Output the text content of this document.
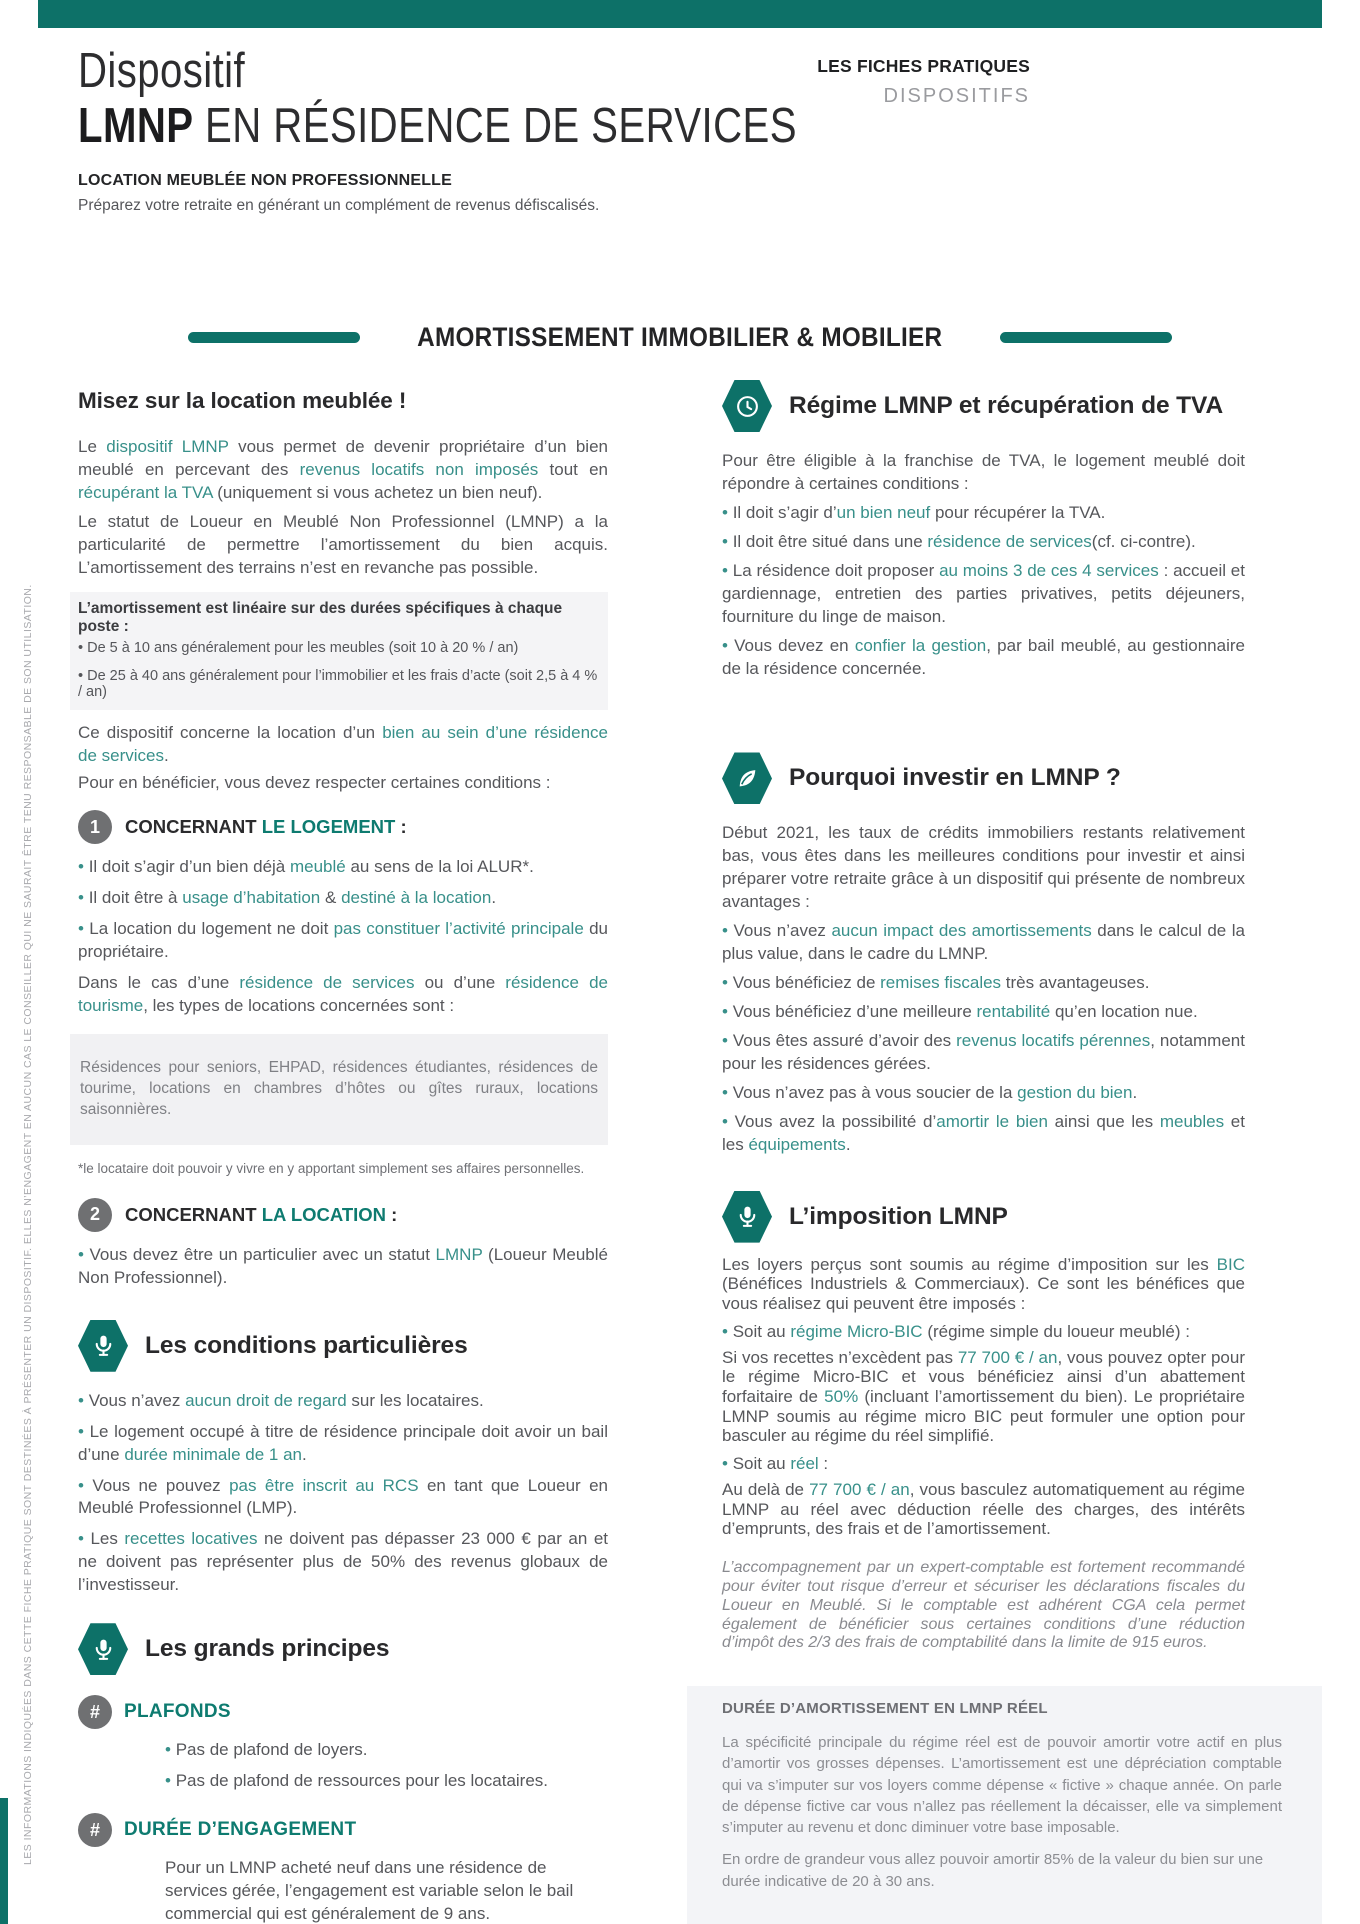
Dispositif
LMNP EN RÉSIDENCE DE SERVICES
LOCATION MEUBLÉE NON PROFESSIONNELLE
Préparez votre retraite en générant un complément de revenus défiscalisés.
LES FICHES PRATIQUES
DISPOSITIFS
AMORTISSEMENT IMMOBILIER & MOBILIER
Misez sur la location meublée !
Le dispositif LMNP vous permet de devenir propriétaire d’un bien meublé en percevant des revenus locatifs non imposés tout en récupérant la TVA (uniquement si vous achetez un bien neuf).
Le statut de Loueur en Meublé Non Professionnel (LMNP) a la particularité de permettre l’amortissement du bien acquis. L’amortissement des terrains n’est en revanche pas possible.
L’amortissement est linéaire sur des durées spécifiques à chaque poste :
• De 5 à 10 ans généralement pour les meubles (soit 10 à 20 % / an)
• De 25 à 40 ans généralement pour l’immobilier et les frais d’acte (soit 2,5 à 4 % / an)
Ce dispositif concerne la location d’un bien au sein d’une résidence de services.
Pour en bénéficier, vous devez respecter certaines conditions :
1	CONCERNANT LE LOGEMENT :
• Il doit s’agir d’un bien déjà meublé au sens de la loi ALUR*.
• Il doit être à usage d’habitation & destiné à la location.
• La location du logement ne doit pas constituer l’activité principale du propriétaire.
Dans le cas d’une résidence de services ou d’une résidence de tourisme, les types de locations concernées sont :
Résidences pour seniors, EHPAD, résidences étudiantes, résidences de tourime, locations en chambres d’hôtes ou gîtes ruraux, locations saisonnières.
*le locataire doit pouvoir y vivre en y apportant simplement ses affaires personnelles.
2	CONCERNANT LA LOCATION :
• Vous devez être un particulier avec un statut LMNP (Loueur Meublé Non Professionnel).
Les conditions particulières
• Vous n’avez aucun droit de regard sur les locataires.
• Le logement occupé à titre de résidence principale doit avoir un bail d’une durée minimale de 1 an.
• Vous ne pouvez pas être inscrit au RCS en tant que Loueur en Meublé Professionnel (LMP).
• Les recettes locatives ne doivent pas dépasser 23 000 € par an et ne doivent pas représenter plus de 50% des revenus globaux de l’investisseur.
Les grands principes
#	PLAFONDS
• Pas de plafond de loyers.
• Pas de plafond de ressources pour les locataires.
#	DURÉE D’ENGAGEMENT
Pour un LMNP acheté neuf dans une résidence de services gérée, l’engagement est variable selon le bail commercial qui est généralement de 9 ans.
Régime LMNP et récupération de TVA
Pour être éligible à la franchise de TVA, le logement meublé doit répondre à certaines conditions :
• Il doit s’agir d’un bien neuf pour récupérer la TVA.
• Il doit être situé dans une résidence de services(cf. ci-contre).
• La résidence doit proposer au moins 3 de ces 4 services : accueil et gardiennage, entretien des parties privatives, petits déjeuners, fourniture du linge de maison.
• Vous devez en confier la gestion, par bail meublé, au gestionnaire de la résidence concernée.
Pourquoi investir en LMNP ?
Début 2021, les taux de crédits immobiliers restants relativement bas, vous êtes dans les meilleures conditions pour investir et ainsi préparer votre retraite grâce à un dispositif qui présente de nombreux avantages :
• Vous n’avez aucun impact des amortissements dans le calcul de la plus value, dans le cadre du LMNP.
• Vous bénéficiez de remises fiscales très avantageuses.
• Vous bénéficiez d’une meilleure rentabilité qu’en location nue.
• Vous êtes assuré d’avoir des revenus locatifs pérennes, notamment pour les résidences gérées.
• Vous n’avez pas à vous soucier de la gestion du bien.
• Vous avez la possibilité d’amortir le bien ainsi que les meubles et les équipements.
L’imposition LMNP
Les loyers perçus sont soumis au régime d’imposition sur les BIC (Bénéfices Industriels & Commerciaux). Ce sont les bénéfices que vous réalisez qui peuvent être imposés :
• Soit au régime Micro-BIC (régime simple du loueur meublé) :
Si vos recettes n’excèdent pas 77 700 € / an, vous pouvez opter pour le régime Micro-BIC et vous bénéficiez ainsi d’un abattement forfaitaire de 50% (incluant l’amortissement du bien). Le propriétaire LMNP soumis au régime micro BIC peut formuler une option pour basculer au régime du réel simplifié.
• Soit au réel :
Au delà de 77 700 € / an, vous basculez automatiquement au régime LMNP au réel avec déduction réelle des charges, des intérêts d’emprunts, des frais et de l’amortissement.
L’accompagnement par un expert-comptable est fortement recommandé pour éviter tout risque d’erreur et sécuriser les déclarations fiscales du Loueur en Meublé. Si le comptable est adhérent CGA cela permet également de bénéficier sous certaines conditions d’une réduction d’impôt des 2/3 des frais de comptabilité dans la limite de 915 euros.
DURÉE D’AMORTISSEMENT EN LMNP RÉEL
La spécificité principale du régime réel est de pouvoir amortir votre actif en plus d’amortir vos grosses dépenses. L’amortissement est une dépréciation comptable qui va s’imputer sur vos loyers comme dépense « fictive » chaque année. On parle de dépense fictive car vous n’allez pas réellement la décaisser, elle va simplement s’imputer au revenu et donc diminuer votre base imposable.
En ordre de grandeur vous allez pouvoir amortir 85% de la valeur du bien sur une durée indicative de 20 à 30 ans.
LES INFORMATIONS INDIQUÉES DANS CETTE FICHE PRATIQUE SONT DESTINÉES À PRÉSENTER UN DISPOSITIF. ELLES N’ENGAGENT EN AUCUN CAS LE CONSEILLER QUI NE SAURAIT ÊTRE TENU RESPONSABLE DE SON UTILISATION.
